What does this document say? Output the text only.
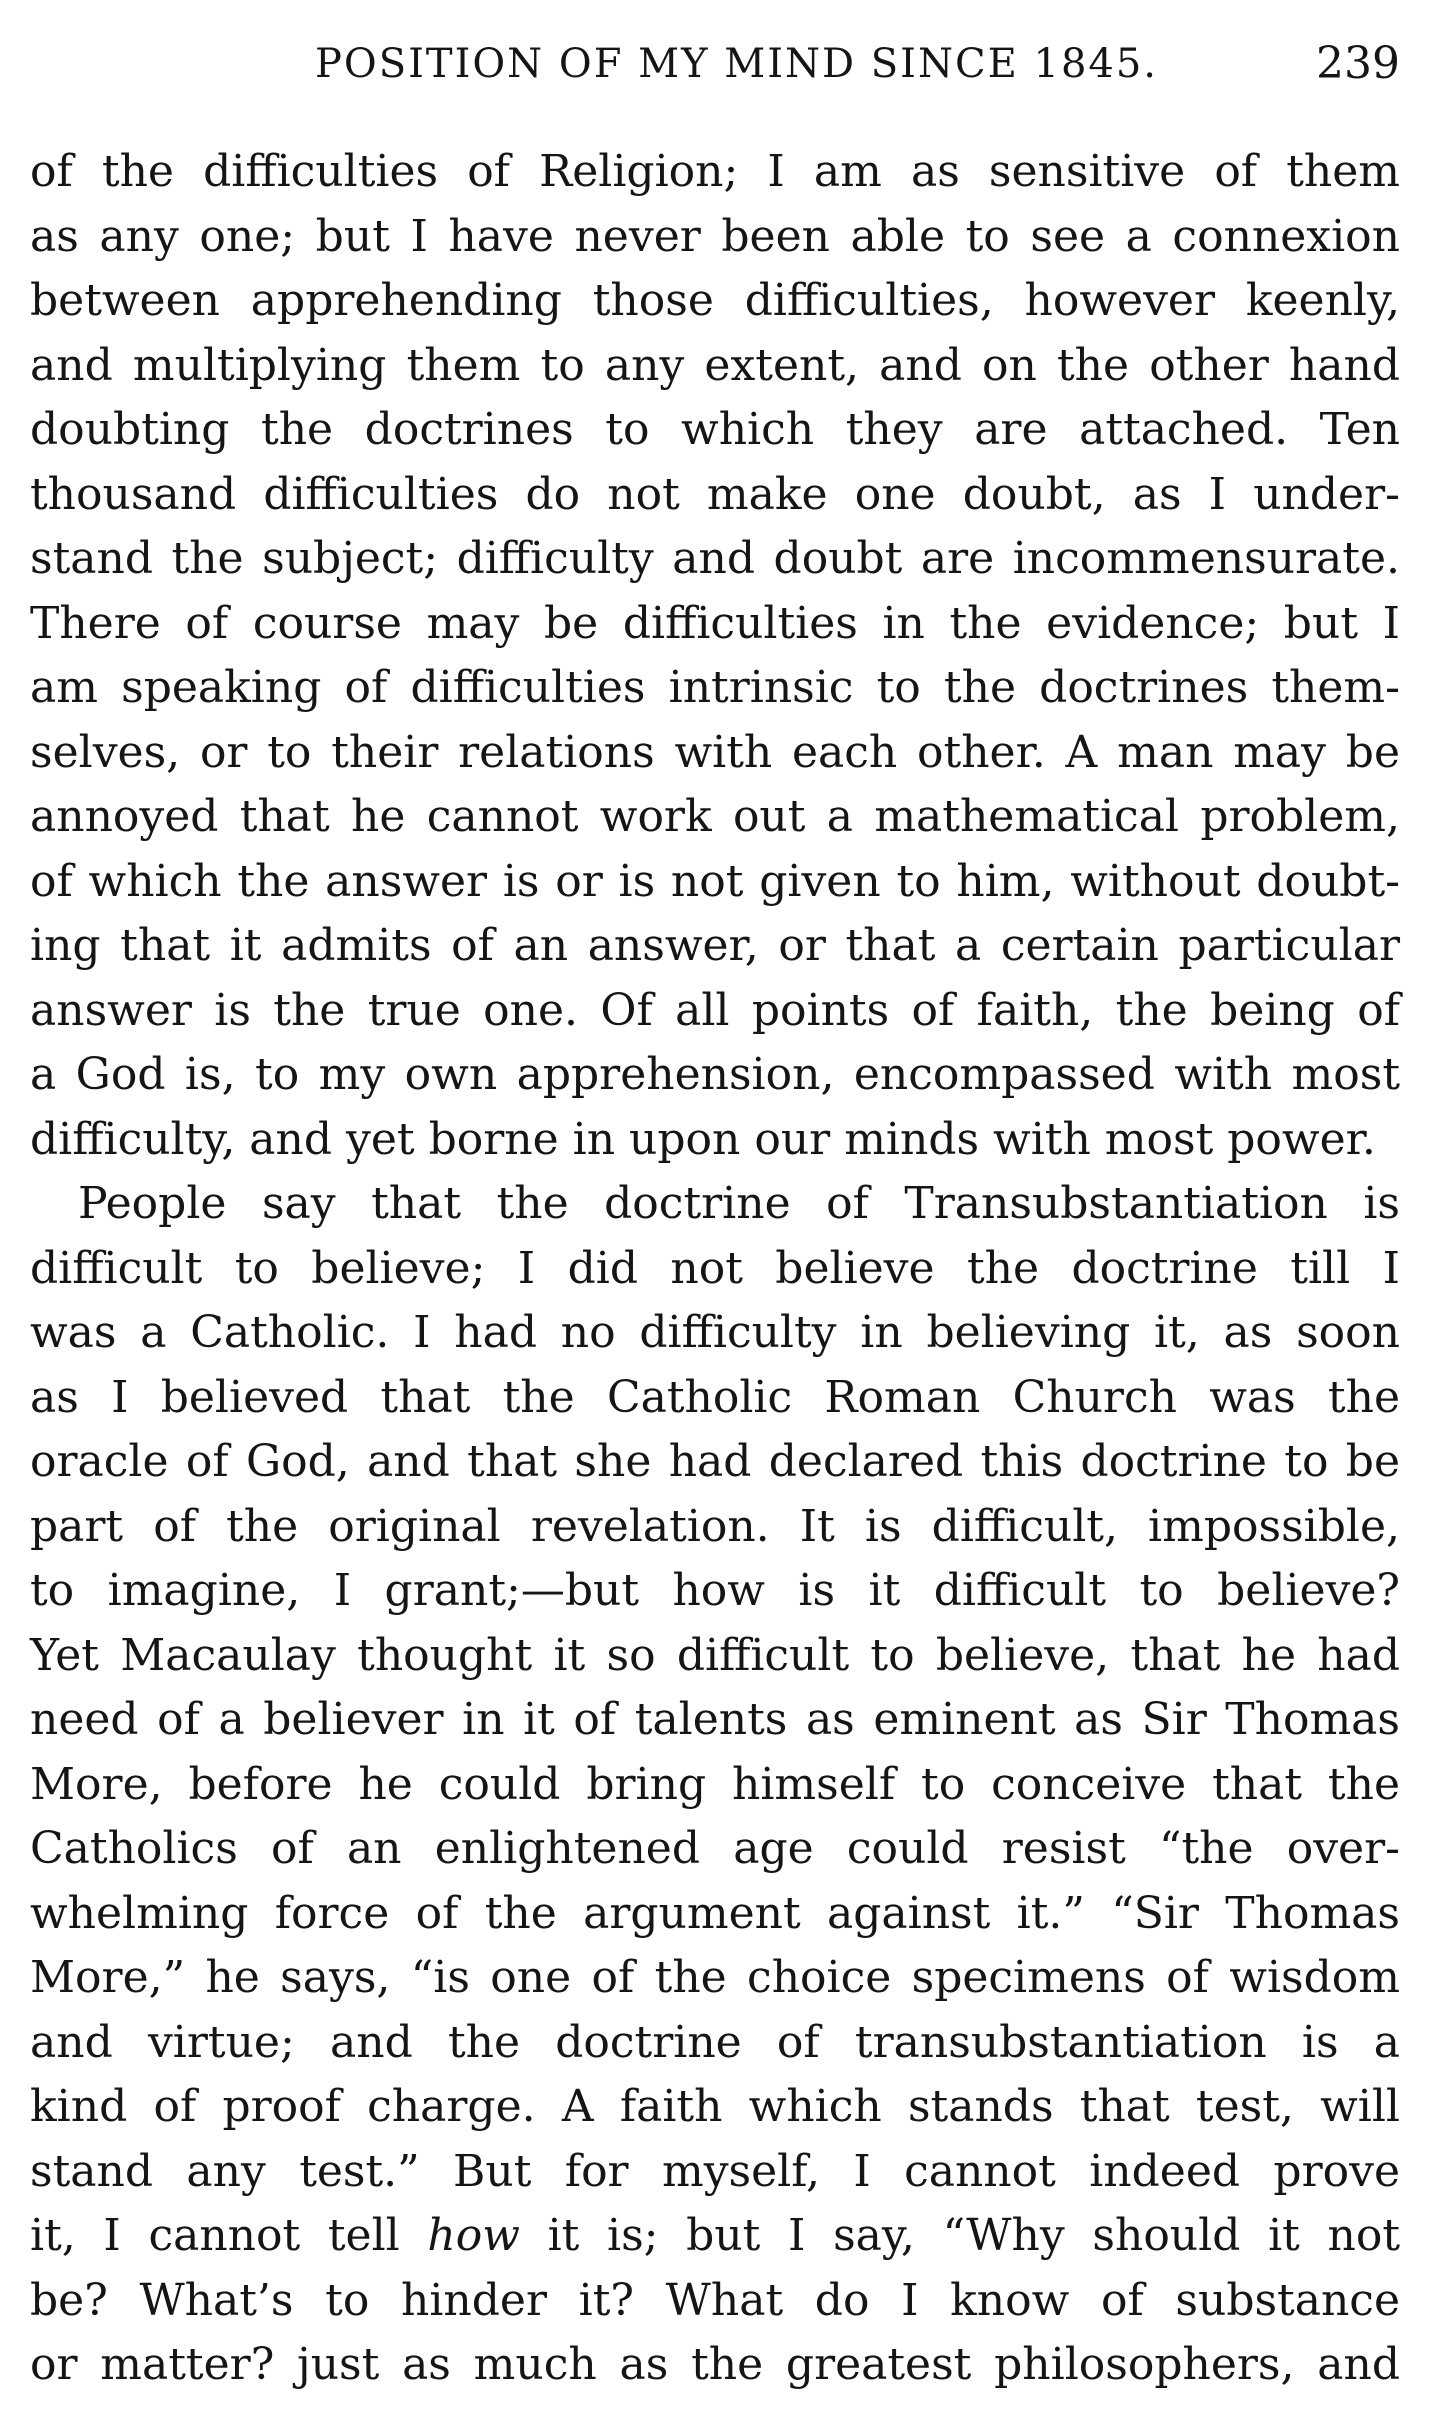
POSITION OF MY MIND SINCE 1845.	239

of the difficulties of Religion; I am as sensitive of them
as any one; but I have never been able to see a connexion
between apprehending those difficulties, however keenly,
and multiplying them to any extent, and on the other hand
doubting the doctrines to which they are attached. Ten
thousand difficulties do not make one doubt, as I under-
stand the subject; difficulty and doubt are incommensurate.
There of course may be difficulties in the evidence; but I
am speaking of difficulties intrinsic to the doctrines them-
selves, or to their relations with each other. A man may be
annoyed that he cannot work out a mathematical problem,
of which the answer is or is not given to him, without doubt-
ing that it admits of an answer, or that a certain particular
answer is the true one. Of all points of faith, the being of
a God is, to my own apprehension, encompassed with most
difficulty, and yet borne in upon our minds with most power.

People say that the doctrine of Transubstantiation is
difficult to believe; I did not believe the doctrine till I
was a Catholic. I had no difficulty in believing it, as soon
as I believed that the Catholic Roman Church was the
oracle of God, and that she had declared this doctrine to be
part of the original revelation. It is difficult, impossible,
to imagine, I grant;—but how is it difficult to believe?
Yet Macaulay thought it so difficult to believe, that he had
need of a believer in it of talents as eminent as Sir Thomas
More, before he could bring himself to conceive that the
Catholics of an enlightened age could resist “the over-
whelming force of the argument against it.” “Sir Thomas
More,” he says, “is one of the choice specimens of wisdom
and virtue; and the doctrine of transubstantiation is a
kind of proof charge. A faith which stands that test, will
stand any test.” But for myself, I cannot indeed prove
it, I cannot tell how it is; but I say, “Why should it not
be? What’s to hinder it? What do I know of substance
or matter? just as much as the greatest philosophers, and
